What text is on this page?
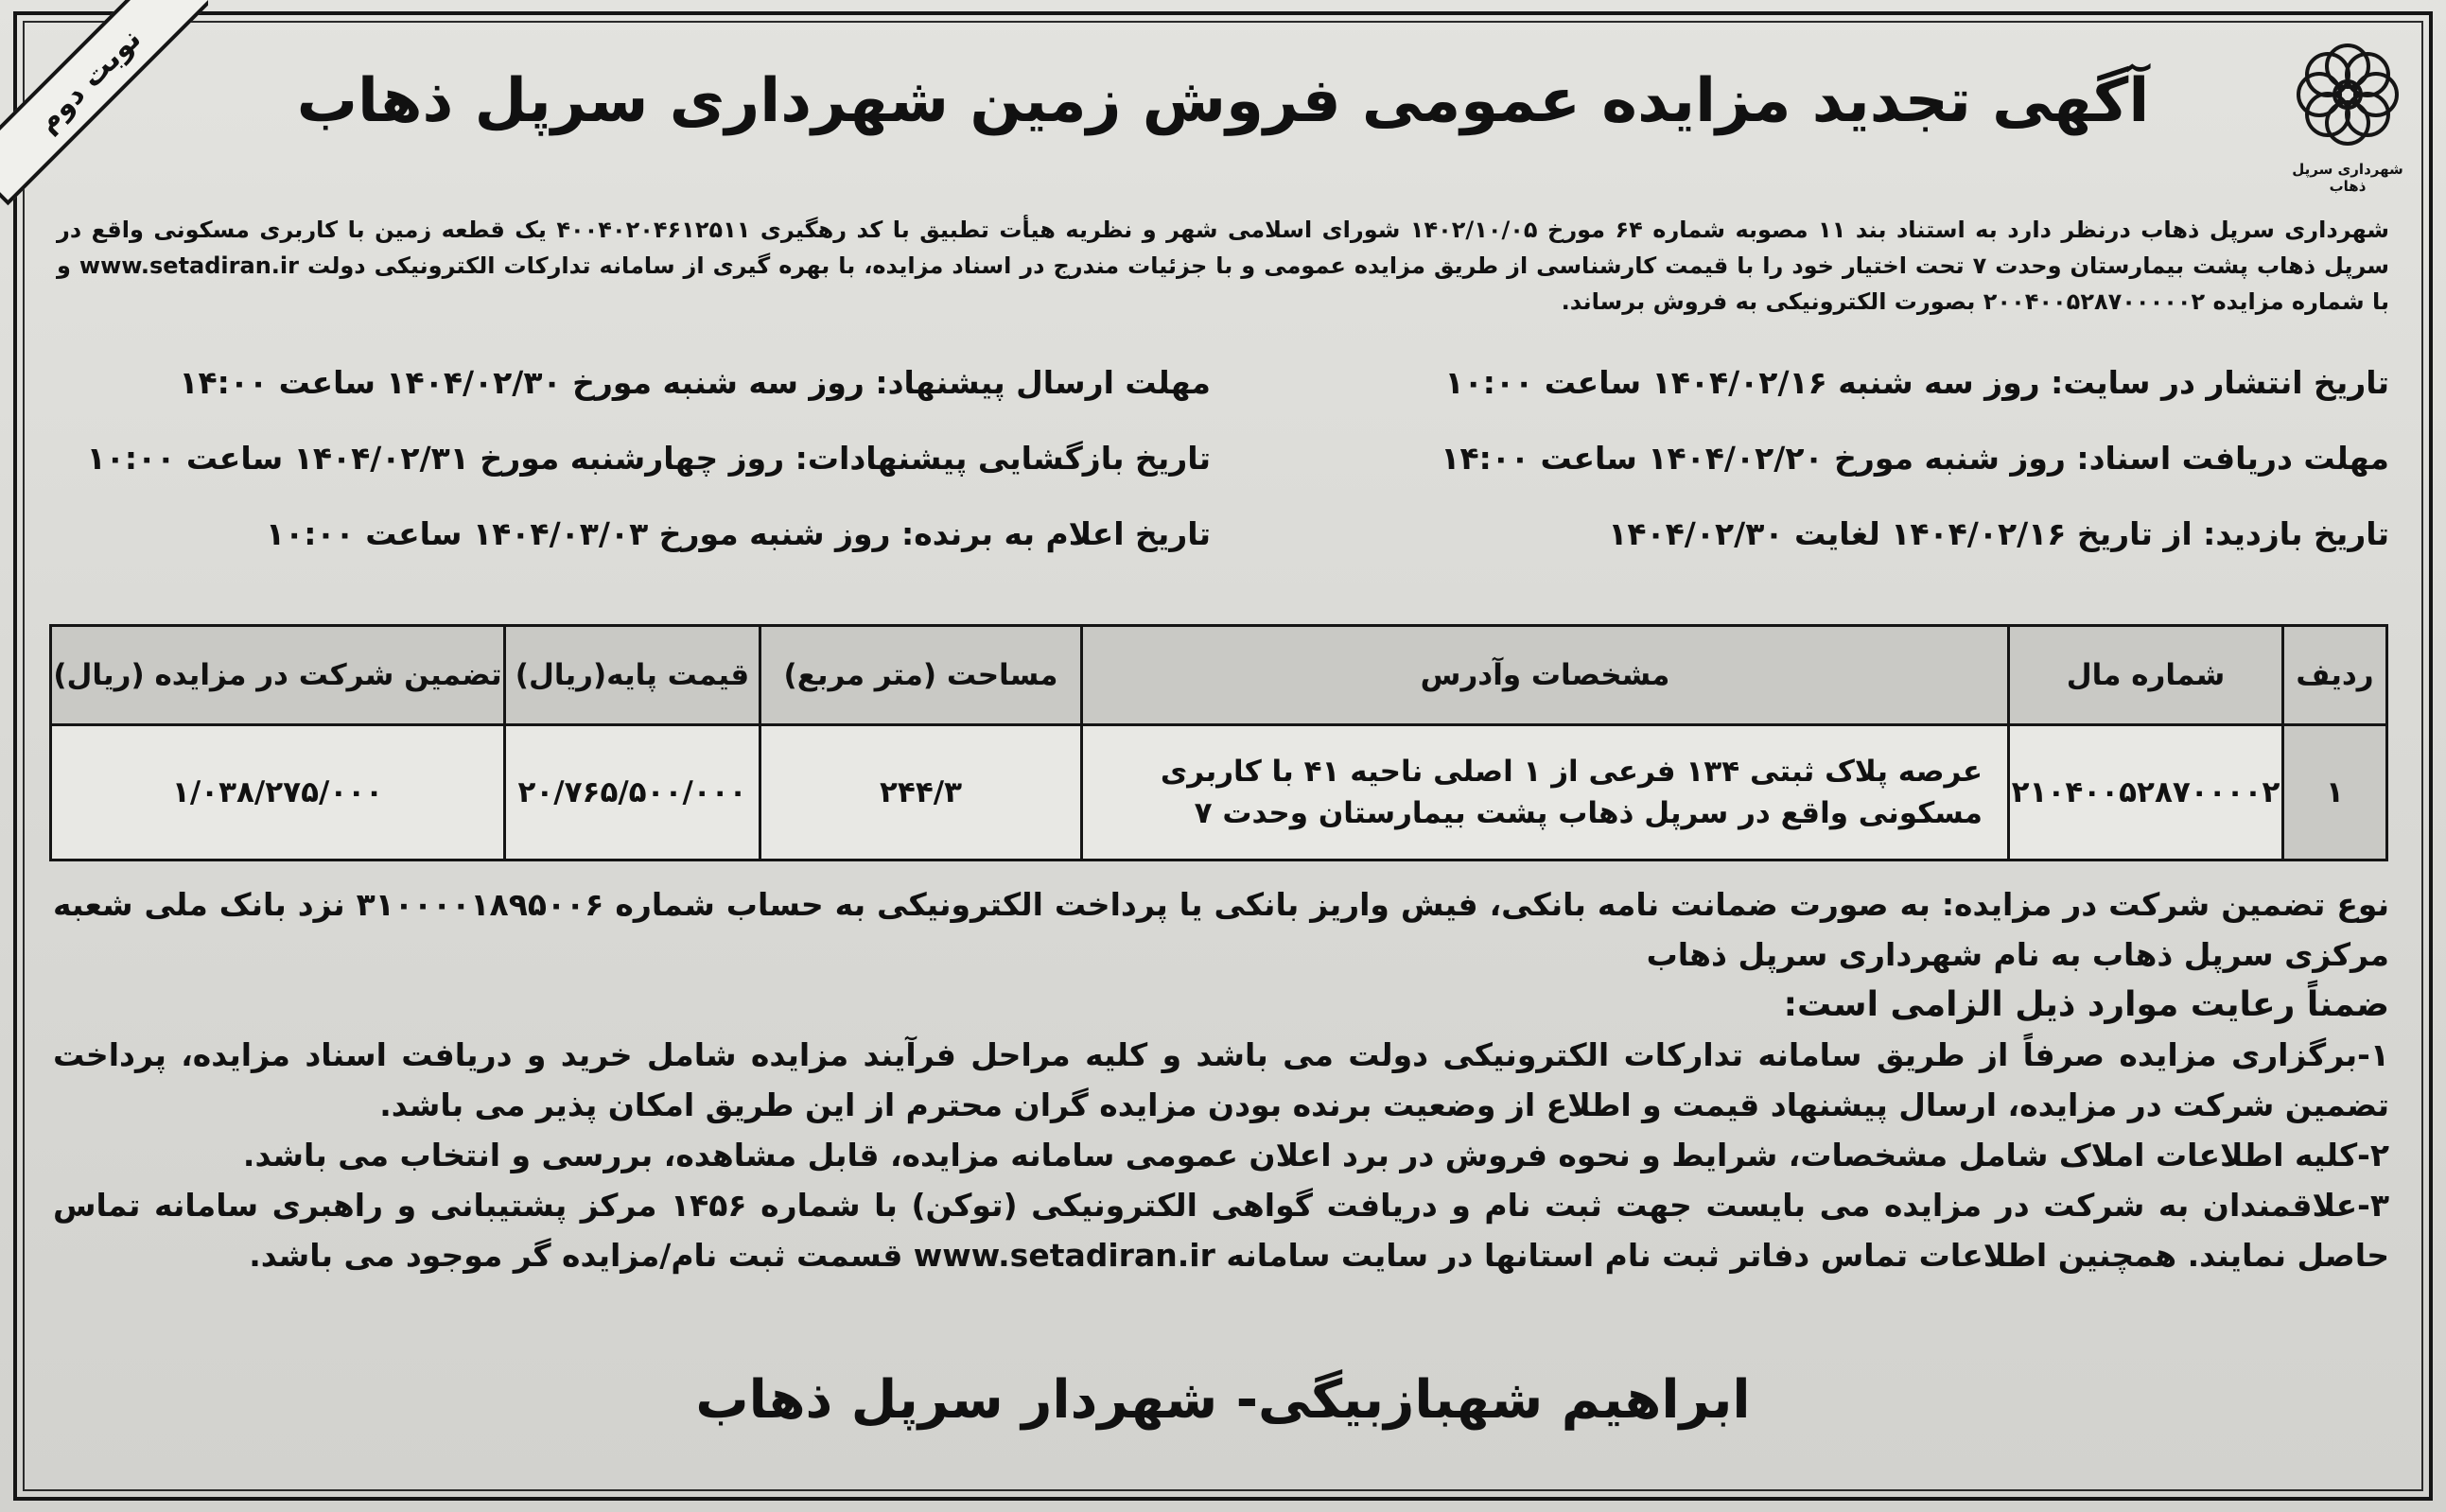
نوبت دوم
شهرداری سرپل ذهاب
آگهی تجدید مزایده عمومی فروش زمین شهرداری سرپل ذهاب
شهرداری سرپل ذهاب درنظر دارد به استناد بند ۱۱ مصوبه شماره ۶۴ مورخ ۱۴۰۲/۱۰/۰۵ شورای اسلامی شهر و نظریه هیأت تطبیق با کد رهگیری ۴۰۰۴۰۲۰۴۶۱۲۵۱۱ یک قطعه زمین با کاربری مسکونی واقع در سرپل ذهاب پشت بیمارستان وحدت ۷ تحت اختیار خود را با قیمت کارشناسی از طریق مزایده عمومی و با جزئیات مندرج در اسناد مزایده، با بهره گیری از سامانه تدارکات الکترونیکی دولت www.setadiran.ir و با شماره مزایده ۲۰۰۴۰۰۵۲۸۷۰۰۰۰۰۲ بصورت الکترونیکی به فروش برساند.
تاریخ انتشار در سایت: روز سه شنبه ۱۴۰۴/۰۲/۱۶ ساعت ۱۰:۰۰
مهلت دریافت اسناد: روز شنبه مورخ ۱۴۰۴/۰۲/۲۰ ساعت ۱۴:۰۰
تاریخ بازدید: از تاریخ ۱۴۰۴/۰۲/۱۶ لغایت ۱۴۰۴/۰۲/۳۰
مهلت ارسال پیشنهاد: روز سه شنبه مورخ ۱۴۰۴/۰۲/۳۰ ساعت ۱۴:۰۰
تاریخ بازگشایی پیشنهادات: روز چهارشنبه مورخ ۱۴۰۴/۰۲/۳۱ ساعت ۱۰:۰۰
تاریخ اعلام به برنده: روز شنبه مورخ ۱۴۰۴/۰۳/۰۳ ساعت ۱۰:۰۰
ردیف	شماره مال	مشخصات وآدرس	مساحت (متر مربع)	قیمت پایه(ریال)	تضمین شرکت در مزایده (ریال)
۱	۲۱۰۴۰۰۵۲۸۷۰۰۰۰۲	عرصه پلاک ثبتی ۱۳۴ فرعی از ۱ اصلی ناحیه ۴۱ با کاربری مسکونی واقع در سرپل ذهاب پشت بیمارستان وحدت ۷	۲۴۴/۳	۲۰/۷۶۵/۵۰۰/۰۰۰	۱/۰۳۸/۲۷۵/۰۰۰

نوع تضمین شرکت در مزایده: به صورت ضمانت نامه بانکی، فیش واریز بانکی یا پرداخت الکترونیکی به حساب شماره ۳۱۰۰۰۰۱۸۹۵۰۰۶ نزد بانک ملی شعبه مرکزی سرپل ذهاب به نام شهرداری سرپل ذهاب

ضمناً رعایت موارد ذیل الزامی است:

۱-برگزاری مزایده صرفاً از طریق سامانه تدارکات الکترونیکی دولت می باشد و کلیه مراحل فرآیند مزایده شامل خرید و دریافت اسناد مزایده، پرداخت تضمین شرکت در مزایده، ارسال پیشنهاد قیمت و اطلاع از وضعیت برنده بودن مزایده گران محترم از این طریق امکان پذیر می باشد.

۲-کلیه اطلاعات املاک شامل مشخصات، شرایط و نحوه فروش در برد اعلان عمومی سامانه مزایده، قابل مشاهده، بررسی و انتخاب می باشد.

۳-علاقمندان به شرکت در مزایده می بایست جهت ثبت نام و دریافت گواهی الکترونیکی (توکن) با شماره ۱۴۵۶ مرکز پشتیبانی و راهبری سامانه تماس حاصل نمایند. همچنین اطلاعات تماس دفاتر ثبت نام استانها در سایت سامانه www.setadiran.ir قسمت ثبت نام/مزایده گر موجود می باشد.

ابراهیم شهبازبیگی- شهردار سرپل ذهاب
